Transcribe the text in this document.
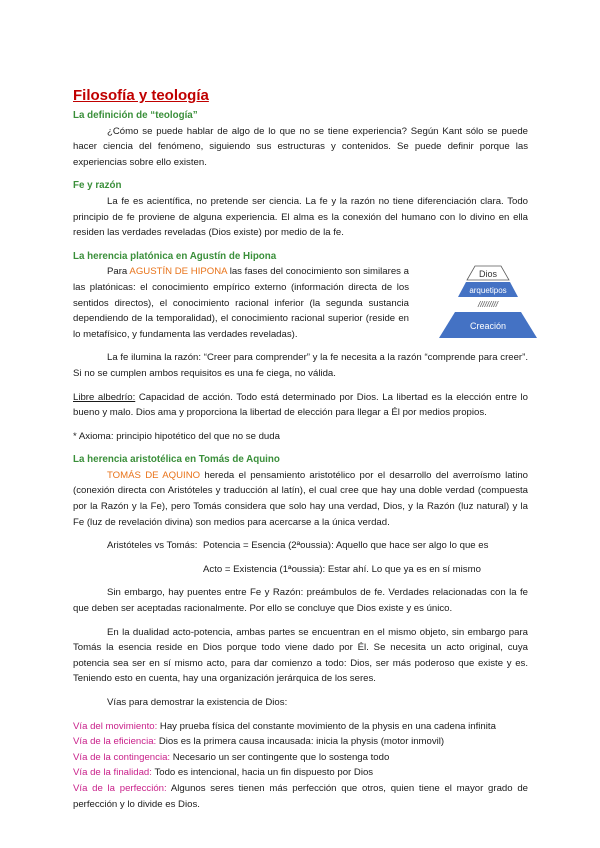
Filosofía y teología
La definición de “teología”

¿Cómo se puede hablar de algo de lo que no se tiene experiencia? Según Kant sólo se puede hacer ciencia del fenómeno, siguiendo sus estructuras y contenidos. Se puede definir porque las experiencias sobre ello existen.

Fe y razón

La fe es acientífica, no pretende ser ciencia. La fe y la razón no tiene diferenciación clara. Todo principio de fe proviene de alguna experiencia. El alma es la conexión del humano con lo divino en ella residen las verdades reveladas (Dios existe) por medio de la fe.

La herencia platónica en Agustín de Hipona

Para AGUSTÍN DE HIPONA las fases del conocimiento son similares a las platónicas: el conocimiento empírico externo (información directa de los sentidos directos), el conocimiento racional inferior (la segunda sustancia dependiendo de la temporalidad), el conocimiento racional superior (reside en lo metafísico, y fundamenta las verdades reveladas).

Dios
arquetipos
/////////
Creación

La fe ilumina la razón: “Creer para comprender” y la fe necesita a la razón “comprende para creer”. Si no se cumplen ambos requisitos es una fe ciega, no válida.

Libre albedrío: Capacidad de acción. Todo está determinado por Dios. La libertad es la elección entre lo bueno y malo. Dios ama y proporciona la libertad de elección para llegar a Él por medios propios.

* Axioma: principio hipotético del que no se duda

La herencia aristotélica en Tomás de Aquino

TOMÁS DE AQUINO hereda el pensamiento aristotélico por el desarrollo del averroísmo latino (conexión directa con Aristóteles y traducción al latín), el cual cree que hay una doble verdad (compuesta por la Razón y la Fe), pero Tomás considera que solo hay una verdad, Dios, y la Razón (luz natural) y la Fe (luz de revelación divina) son medios para acercarse a la única verdad.

Aristóteles vs Tomás: Potencia = Esencia (2ªoussia): Aquello que hace ser algo lo que es
Acto = Existencia (1ªoussia): Estar ahí. Lo que ya es en sí mismo

Sin embargo, hay puentes entre Fe y Razón: preámbulos de fe. Verdades relacionadas con la fe que deben ser aceptadas racionalmente. Por ello se concluye que Dios existe y es único.

En la dualidad acto-potencia, ambas partes se encuentran en el mismo objeto, sin embargo para Tomás la esencia reside en Dios porque todo viene dado por Él. Se necesita un acto original, cuya potencia sea ser en sí mismo acto, para dar comienzo a todo: Dios, ser más poderoso que existe y es. Teniendo esto en cuenta, hay una organización jerárquica de los seres.

Vías para demostrar la existencia de Dios:

Vía del movimiento: Hay prueba física del constante movimiento de la physis en una cadena infinita

Vía de la eficiencia: Dios es la primera causa incausada: inicia la physis (motor inmovil)

Vía de la contingencia: Necesario un ser contingente que lo sostenga todo

Vía de la finalidad: Todo es intencional, hacia un fin dispuesto por Dios

Vía de la perfección: Algunos seres tienen más perfección que otros, quien tiene el mayor grado de perfección y lo divide es Dios.
